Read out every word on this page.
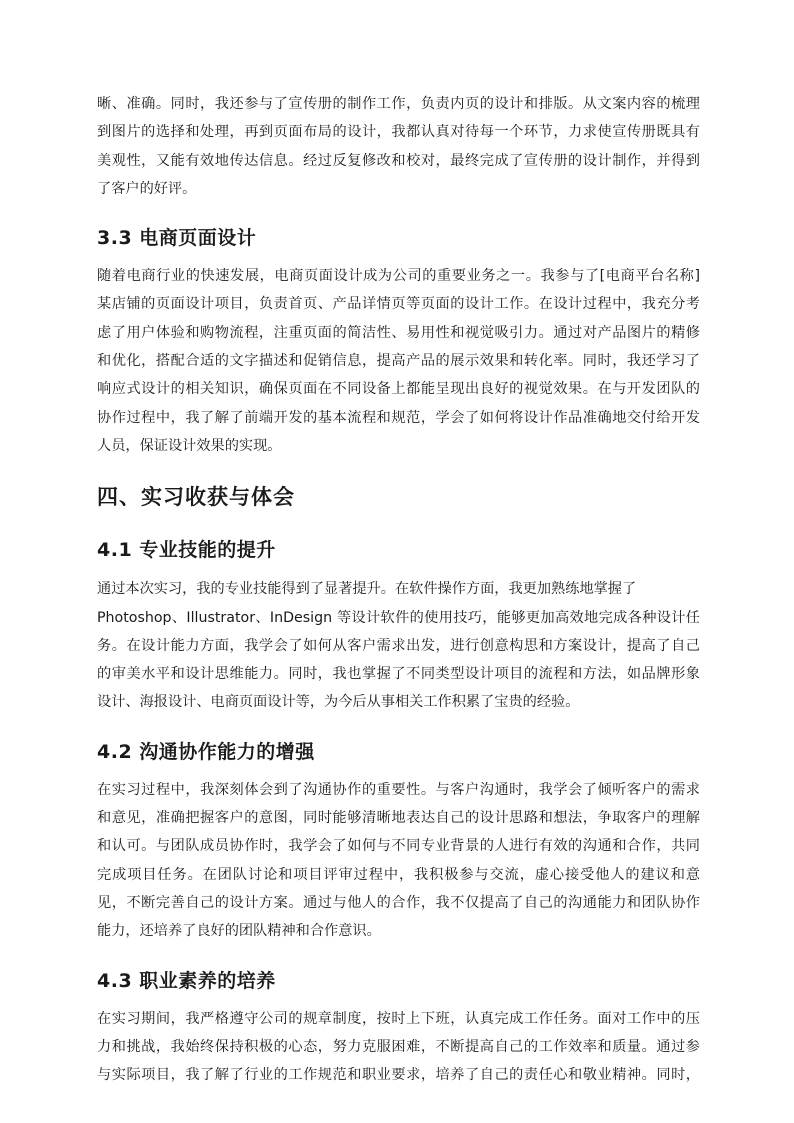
晰、准确。同时，我还参与了宣传册的制作工作，负责内页的设计和排版。从文案内容的梳理
到图片的选择和处理，再到页面布局的设计，我都认真对待每一个环节，力求使宣传册既具有
美观性，又能有效地传达信息。经过反复修改和校对，最终完成了宣传册的设计制作，并得到
了客户的好评。

3.3 电商页面设计

随着电商行业的快速发展，电商页面设计成为公司的重要业务之一。我参与了[电商平台名称]
某店铺的页面设计项目，负责首页、产品详情页等页面的设计工作。在设计过程中，我充分考
虑了用户体验和购物流程，注重页面的简洁性、易用性和视觉吸引力。通过对产品图片的精修
和优化，搭配合适的文字描述和促销信息，提高产品的展示效果和转化率。同时，我还学习了
响应式设计的相关知识，确保页面在不同设备上都能呈现出良好的视觉效果。在与开发团队的
协作过程中，我了解了前端开发的基本流程和规范，学会了如何将设计作品准确地交付给开发
人员，保证设计效果的实现。

四、实习收获与体会
4.1 专业技能的提升

通过本次实习，我的专业技能得到了显著提升。在软件操作方面，我更加熟练地掌握了
Photoshop、Illustrator、InDesign 等设计软件的使用技巧，能够更加高效地完成各种设计任
务。在设计能力方面，我学会了如何从客户需求出发，进行创意构思和方案设计，提高了自己
的审美水平和设计思维能力。同时，我也掌握了不同类型设计项目的流程和方法，如品牌形象
设计、海报设计、电商页面设计等，为今后从事相关工作积累了宝贵的经验。

4.2 沟通协作能力的增强

在实习过程中，我深刻体会到了沟通协作的重要性。与客户沟通时，我学会了倾听客户的需求
和意见，准确把握客户的意图，同时能够清晰地表达自己的设计思路和想法，争取客户的理解
和认可。与团队成员协作时，我学会了如何与不同专业背景的人进行有效的沟通和合作，共同
完成项目任务。在团队讨论和项目评审过程中，我积极参与交流，虚心接受他人的建议和意
见，不断完善自己的设计方案。通过与他人的合作，我不仅提高了自己的沟通能力和团队协作
能力，还培养了良好的团队精神和合作意识。

4.3 职业素养的培养

在实习期间，我严格遵守公司的规章制度，按时上下班，认真完成工作任务。面对工作中的压
力和挑战，我始终保持积极的心态，努力克服困难，不断提高自己的工作效率和质量。通过参
与实际项目，我了解了行业的工作规范和职业要求，培养了自己的责任心和敬业精神。同时，
